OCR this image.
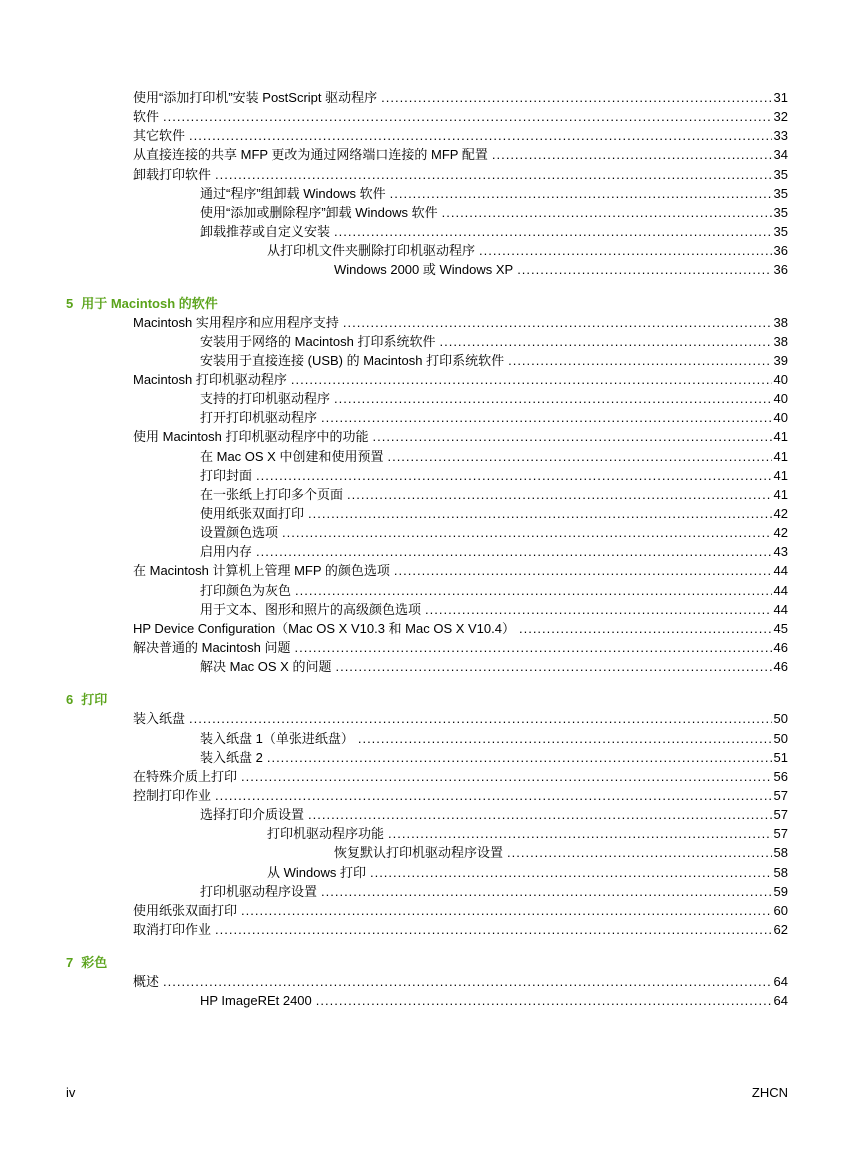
使用“添加打印机”安装 PostScript 驱动程序 .....	31
软件 .....	32
其它软件 .....	33
从直接连接的共享 MFP 更改为通过网络端口连接的 MFP 配置 .....	34
卸载打印软件 .....	35
通过“程序”组卸载 Windows 软件 .....	35
使用“添加或删除程序”卸载 Windows 软件 .....	35
卸载推荐或自定义安装 .....	35
从打印机文件夹删除打印机驱动程序 .....	36
Windows 2000 或 Windows XP .....	36
5 用于 Macintosh 的软件
Macintosh 实用程序和应用程序支持 .....	38
安装用于网络的 Macintosh 打印系统软件 .....	38
安装用于直接连接 (USB) 的 Macintosh 打印系统软件 .....	39
Macintosh 打印机驱动程序 .....	40
支持的打印机驱动程序 .....	40
打开打印机驱动程序 .....	40
使用 Macintosh 打印机驱动程序中的功能 .....	41
在 Mac OS X 中创建和使用预置 .....	41
打印封面 .....	41
在一张纸上打印多个页面 .....	41
使用纸张双面打印 .....	42
设置颜色选项 .....	42
启用内存 .....	43
在 Macintosh 计算机上管理 MFP 的颜色选项 .....	44
打印颜色为灰色 .....	44
用于文本、图形和照片的高级颜色选项 .....	44
HP Device Configuration（Mac OS X V10.3 和 Mac OS X V10.4） .....	45
解决普通的 Macintosh 问题 .....	46
解决 Mac OS X 的问题 .....	46
6 打印
装入纸盘 .....	50
装入纸盘 1（单张进纸盘） .....	50
装入纸盘 2 .....	51
在特殊介质上打印 .....	56
控制打印作业 .....	57
选择打印介质设置 .....	57
打印机驱动程序功能 .....	57
恢复默认打印机驱动程序设置 .....	58
从 Windows 打印 .....	58
打印机驱动程序设置 .....	59
使用纸张双面打印 .....	60
取消打印作业 .....	62
7 彩色
概述 .....	64
HP ImageREt 2400 .....	64
iv	ZHCN
